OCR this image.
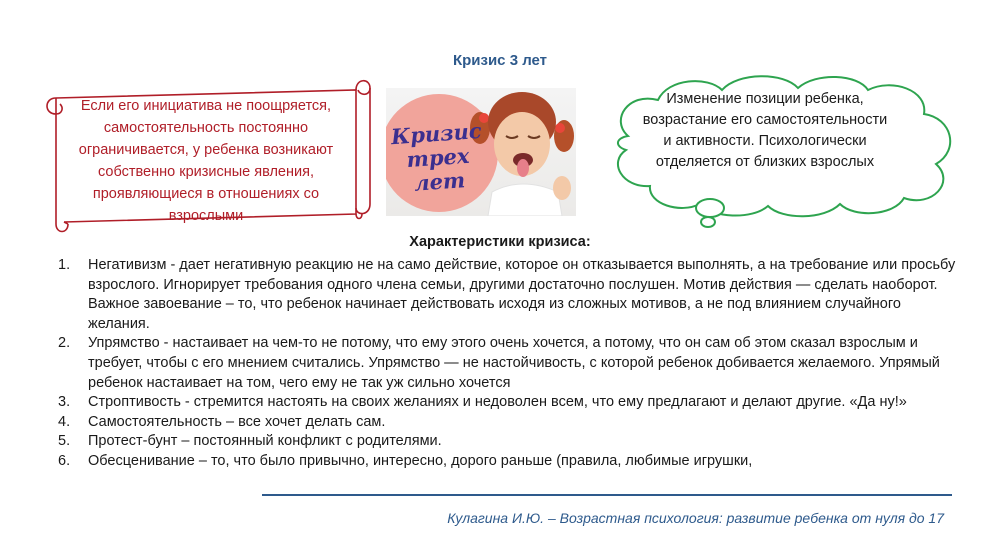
Кризис 3 лет
Если его инициатива не поощряется, самостоятельность постоянно ограничивается, у ребенка возникают собственно кризисные явления, проявляющиеся в отношениях со взрослыми
Кризис
трех
лет
Изменение позиции ребенка, возрастание его самостоятельности и активности. Психологически отделяется от близких взрослых
Характеристики кризиса:
1.	Негативизм - дает негативную реакцию не на само действие, которое он отказывается выполнять, а на требование или просьбу взрослого. Игнорирует требования одного члена семьи, другими достаточно послушен. Мотив действия — сделать наоборот. Важное завоевание – то, что ребенок начинает действовать исходя из сложных мотивов, а не под влиянием случайного желания.
2.	Упрямство - настаивает на чем-то не потому, что ему этого очень хочется, а потому, что он сам об этом сказал взрослым и требует, чтобы с его мнением считались. Упрямство — не настойчивость, с которой ребенок добивается желаемого. Упрямый ребенок настаивает на том, чего ему не так уж сильно хочется
3.	Строптивость - стремится настоять на своих желаниях и недоволен всем, что ему предлагают и делают другие. «Да ну!»
4.	Самостоятельность – все хочет делать сам.
5.	Протест-бунт – постоянный конфликт с родителями.
6.	Обесценивание – то, что было привычно, интересно, дорого раньше (правила, любимые игрушки,
Кулагина И.Ю. – Возрастная психология: развитие ребенка от нуля до 17
